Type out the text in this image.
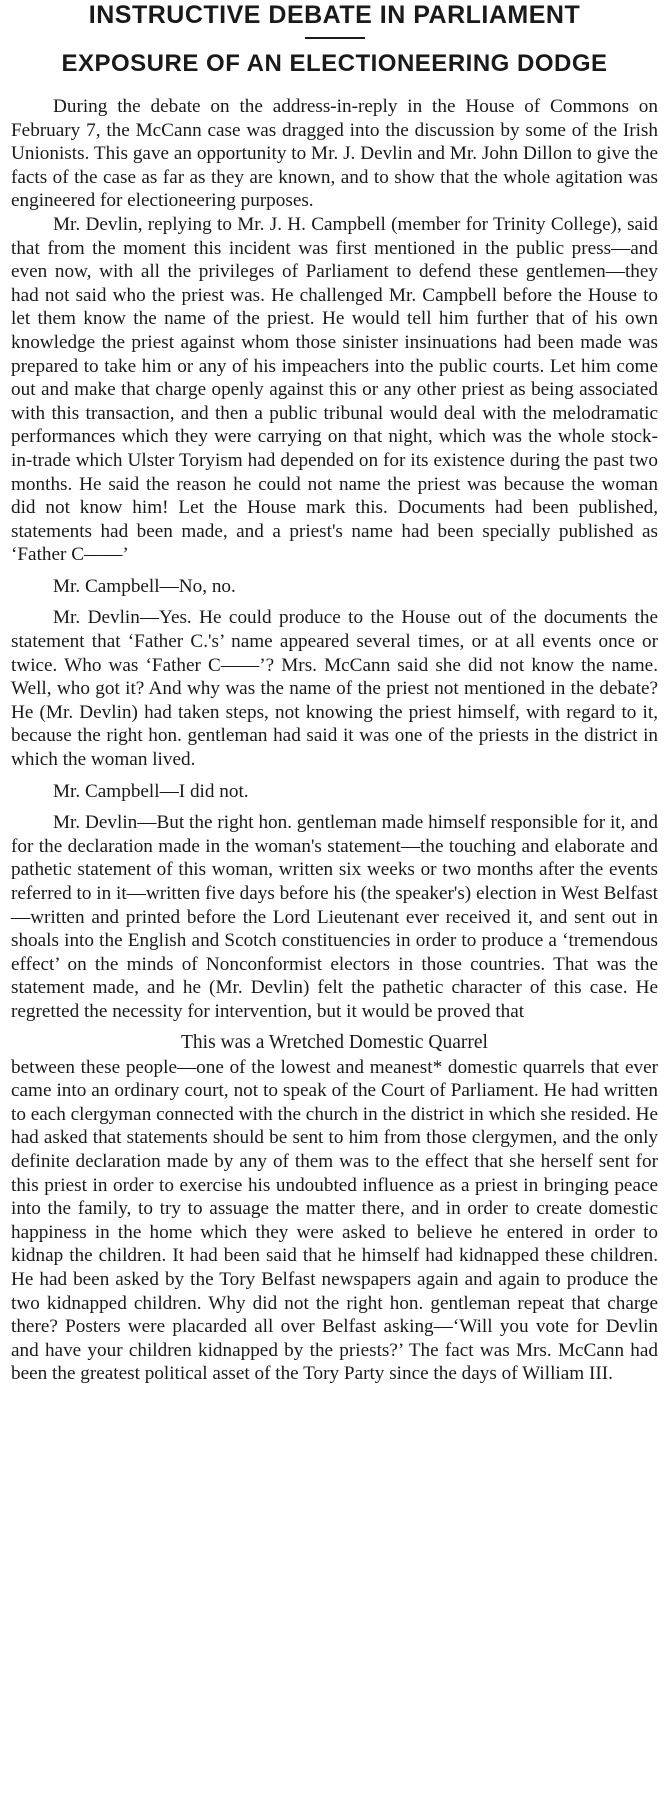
INSTRUCTIVE DEBATE IN PARLIAMENT
EXPOSURE OF AN ELECTIONEERING DODGE

During the debate on the address-in-reply in the House of Commons on February 7, the McCann case was dragged into the discussion by some of the Irish Unionists. This gave an opportunity to Mr. J. Devlin and Mr. John Dillon to give the facts of the case as far as they are known, and to show that the whole agitation was engineered for electioneering purposes.

Mr. Devlin, replying to Mr. J. H. Campbell (member for Trinity College), said that from the moment this incident was first mentioned in the public press—and even now, with all the privileges of Parliament to defend these gentlemen—they had not said who the priest was. He challenged Mr. Campbell before the House to let them know the name of the priest. He would tell him further that of his own knowledge the priest against whom those sinister insinuations had been made was prepared to take him or any of his impeachers into the public courts. Let him come out and make that charge openly against this or any other priest as being associated with this transaction, and then a public tribunal would deal with the melodramatic performances which they were carrying on that night, which was the whole stock-in-trade which Ulster Toryism had depended on for its existence during the past two months. He said the reason he could not name the priest was because the woman did not know him! Let the House mark this. Documents had been published, statements had been made, and a priest's name had been specially published as ‘Father C——’

Mr. Campbell—No, no.

Mr. Devlin—Yes. He could produce to the House out of the documents the statement that ‘Father C.'s’ name appeared several times, or at all events once or twice. Who was ‘Father C——’? Mrs. McCann said she did not know the name. Well, who got it? And why was the name of the priest not mentioned in the debate? He (Mr. Devlin) had taken steps, not knowing the priest himself, with regard to it, because the right hon. gentleman had said it was one of the priests in the district in which the woman lived.

Mr. Campbell—I did not.

Mr. Devlin—But the right hon. gentleman made himself responsible for it, and for the declaration made in the woman's statement—the touching and elaborate and pathetic statement of this woman, written six weeks or two months after the events referred to in it—written five days before his (the speaker's) election in West Belfast—written and printed before the Lord Lieutenant ever received it, and sent out in shoals into the English and Scotch constituencies in order to produce a ‘tremendous effect’ on the minds of Nonconformist electors in those countries. That was the statement made, and he (Mr. Devlin) felt the pathetic character of this case. He regretted the necessity for intervention, but it would be proved that

This was a Wretched Domestic Quarrel

between these people—one of the lowest and meanest* domestic quarrels that ever came into an ordinary court, not to speak of the Court of Parliament. He had written to each clergyman connected with the church in the district in which she resided. He had asked that statements should be sent to him from those clergymen, and the only definite declaration made by any of them was to the effect that she herself sent for this priest in order to exercise his undoubted influence as a priest in bringing peace into the family, to try to assuage the matter there, and in order to create domestic happiness in the home which they were asked to believe he entered in order to kidnap the children. It had been said that he himself had kidnapped these children. He had been asked by the Tory Belfast newspapers again and again to produce the two kidnapped children. Why did not the right hon. gentleman repeat that charge there? Posters were placarded all over Belfast asking—‘Will you vote for Devlin and have your children kidnapped by the priests?’ The fact was Mrs. McCann had been the greatest political asset of the Tory Party since the days of William III.
